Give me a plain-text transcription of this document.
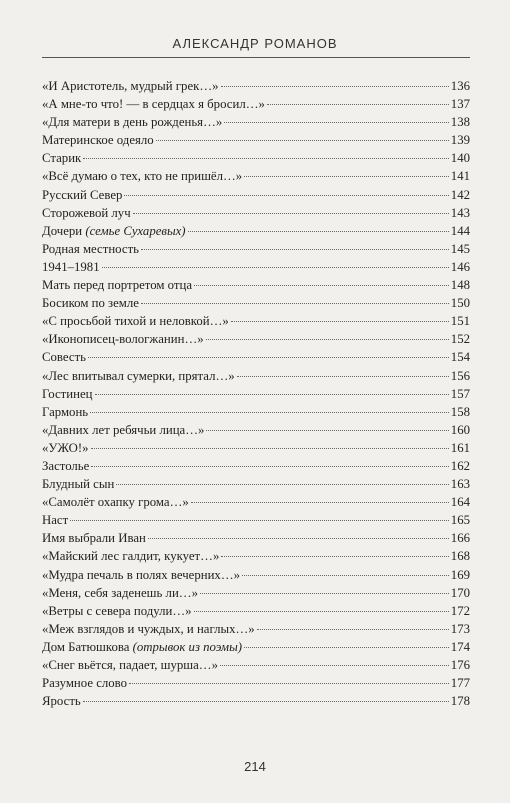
АЛЕКСАНДР РОМАНОВ
«И Аристотель, мудрый грек…»	136
«А мне-то что! — в сердцах я бросил…»	137
«Для матери в день рожденья…»	138
Материнское одеяло	139
Старик	140
«Всё думаю о тех, кто не пришёл…»	141
Русский Север	142
Сторожевой луч	143
Дочери (семье Сухаревых)	144
Родная местность	145
1941–1981	146
Мать перед портретом отца	148
Босиком по земле	150
«С просьбой тихой и неловкой…»	151
«Иконописец-вологжанин…»	152
Совесть	154
«Лес впитывал сумерки, прятал…»	156
Гостинец	157
Гармонь	158
«Давних лет ребячьи лица…»	160
«УЖО!»	161
Застолье	162
Блудный сын	163
«Самолёт охапку грома…»	164
Наст	165
Имя выбрали Иван	166
«Майский лес галдит, кукует…»	168
«Мудра печаль в полях вечерних…»	169
«Меня, себя заденешь ли…»	170
«Ветры с севера подули…»	172
«Меж взглядов и чуждых, и наглых…»	173
Дом Батюшкова (отрывок из поэмы)	174
«Снег вьётся, падает, шурша…»	176
Разумное слово	177
Ярость	178
214
